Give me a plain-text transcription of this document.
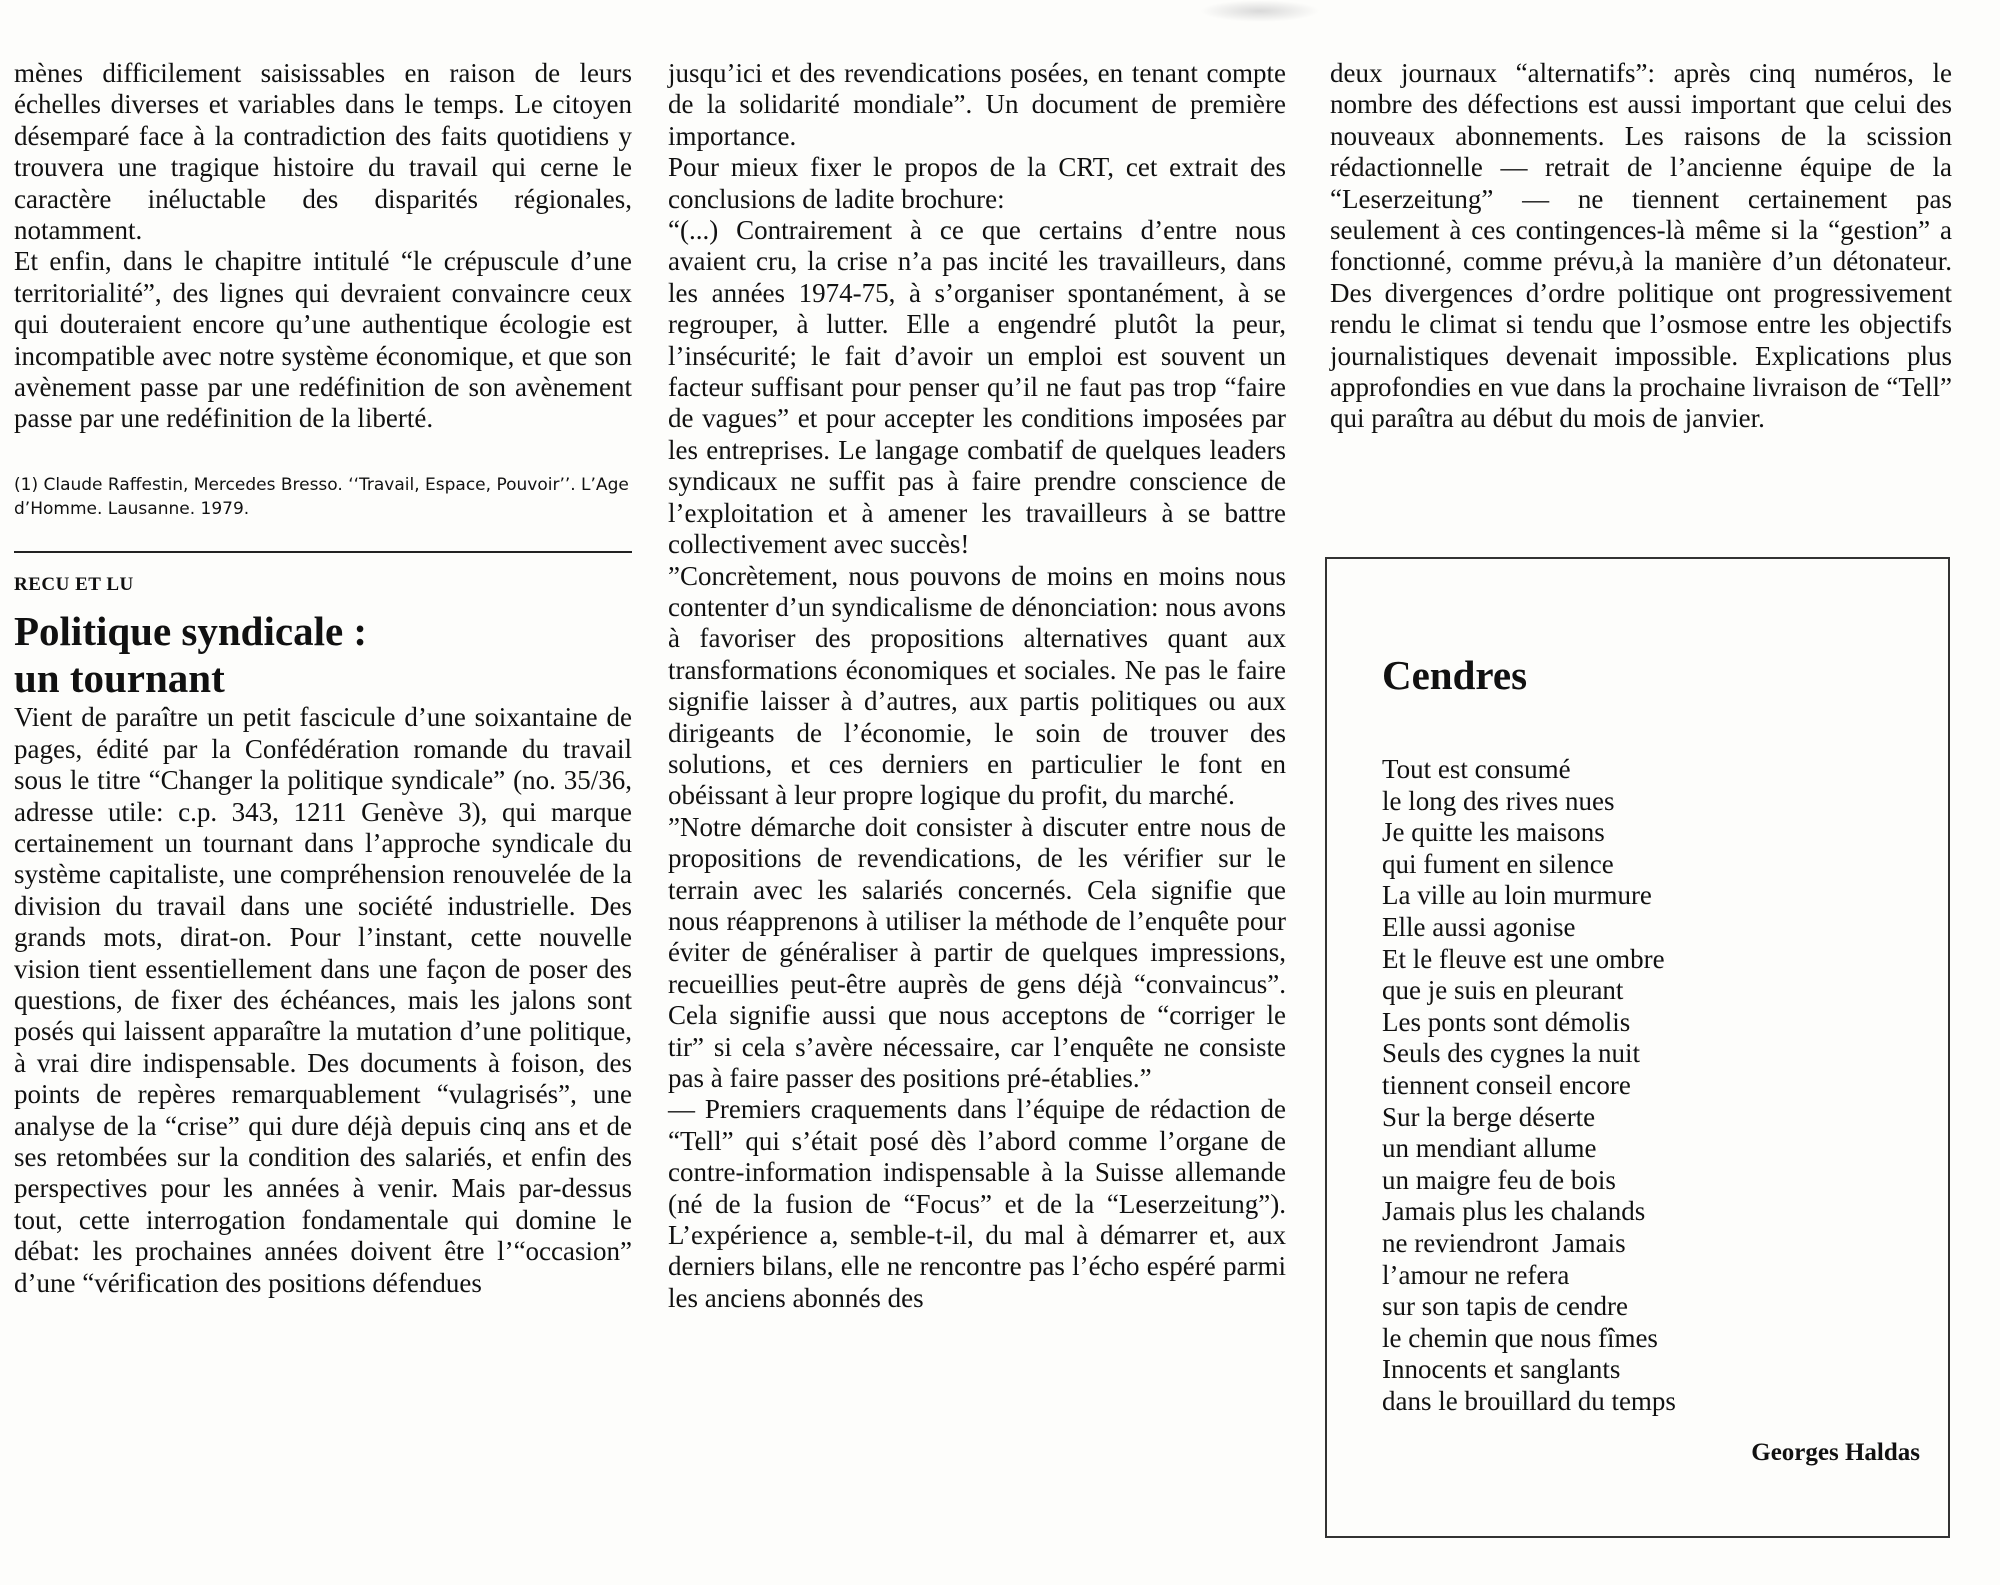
mènes difficilement saisissables en raison de leurs échelles diverses et variables dans le temps. Le citoyen désemparé face à la contradiction des faits quotidiens y trouvera une tragique histoire du travail qui cerne le caractère inéluctable des disparités régionales, notamment.

Et enfin, dans le chapitre intitulé “le crépuscule d’une territorialité”, des lignes qui devraient convaincre ceux qui douteraient encore qu’une authentique écologie est incompatible avec notre système économique, et que son avènement passe par une redéfinition de son avènement passe par une redéfinition de la liberté.

(1) Claude Raffestin, Mercedes Bresso. ‘‘Travail, Espace, Pouvoir’’. L’Age d’Homme. Lausanne. 1979.

RECU ET LU
Politique syndicale :
un tournant

Vient de paraître un petit fascicule d’une soixantaine de pages, édité par la Confédération romande du travail sous le titre “Changer la politique syndicale” (no. 35/36, adresse utile: c.p. 343, 1211 Genève 3), qui marque certainement un tournant dans l’approche syndicale du système capitaliste, une compréhension renouvelée de la division du travail dans une société industrielle. Des grands mots, dirat-on. Pour l’instant, cette nouvelle vision tient essentiellement dans une façon de poser des questions, de fixer des échéances, mais les jalons sont posés qui laissent apparaître la mutation d’une politique, à vrai dire indispensable. Des documents à foison, des points de repères remarquablement “vulagrisés”, une analyse de la “crise” qui dure déjà depuis cinq ans et de ses retombées sur la condition des salariés, et enfin des perspectives pour les années à venir. Mais par-dessus tout, cette interrogation fondamentale qui domine le débat: les prochaines années doivent être l’“occasion” d’une “vérification des positions défendues

jusqu’ici et des revendications posées, en tenant compte de la solidarité mondiale”. Un document de première importance.

Pour mieux fixer le propos de la CRT, cet extrait des conclusions de ladite brochure:

“(...) Contrairement à ce que certains d’entre nous avaient cru, la crise n’a pas incité les travailleurs, dans les années 1974-75, à s’organiser spontanément, à se regrouper, à lutter. Elle a engendré plutôt la peur, l’insécurité; le fait d’avoir un emploi est souvent un facteur suffisant pour penser qu’il ne faut pas trop “faire de vagues” et pour accepter les conditions imposées par les entreprises. Le langage combatif de quelques leaders syndicaux ne suffit pas à faire prendre conscience de l’exploitation et à amener les travailleurs à se battre collectivement avec succès!

”Concrètement, nous pouvons de moins en moins nous contenter d’un syndicalisme de dénonciation: nous avons à favoriser des propositions alternatives quant aux transformations économiques et sociales. Ne pas le faire signifie laisser à d’autres, aux partis politiques ou aux dirigeants de l’économie, le soin de trouver des solutions, et ces derniers en particulier le font en obéissant à leur propre logique du profit, du marché.

”Notre démarche doit consister à discuter entre nous de propositions de revendications, de les vérifier sur le terrain avec les salariés concernés. Cela signifie que nous réapprenons à utiliser la méthode de l’enquête pour éviter de généraliser à partir de quelques impressions, recueillies peut-être auprès de gens déjà “convaincus”. Cela signifie aussi que nous acceptons de “corriger le tir” si cela s’avère nécessaire, car l’enquête ne consiste pas à faire passer des positions pré-établies.”

— Premiers craquements dans l’équipe de rédaction de “Tell” qui s’était posé dès l’abord comme l’organe de contre-information indispensable à la Suisse allemande (né de la fusion de “Focus” et de la “Leserzeitung”). L’expérience a, semble-t-il, du mal à démarrer et, aux derniers bilans, elle ne rencontre pas l’écho espéré parmi les anciens abonnés des

deux journaux “alternatifs”: après cinq numéros, le nombre des défections est aussi important que celui des nouveaux abonnements. Les raisons de la scission rédactionnelle — retrait de l’ancienne équipe de la “Leserzeitung” — ne tiennent certainement pas seulement à ces contingences-là même si la “gestion” a fonctionné, comme prévu,à la manière d’un détonateur. Des divergences d’ordre politique ont progressivement rendu le climat si tendu que l’osmose entre les objectifs journalistiques devenait impossible. Explications plus approfondies en vue dans la prochaine livraison de “Tell” qui paraîtra au début du mois de janvier.

Cendres
Tout est consumé
le long des rives nues
Je quitte les maisons
qui fument en silence
La ville au loin murmure
Elle aussi agonise
Et le fleuve est une ombre
que je suis en pleurant
Les ponts sont démolis
Seuls des cygnes la nuit
tiennent conseil encore
Sur la berge déserte
un mendiant allume
un maigre feu de bois
Jamais plus les chalands
ne reviendront  Jamais
l’amour ne refera
sur son tapis de cendre
le chemin que nous fîmes
Innocents et sanglants
dans le brouillard du temps
Georges Haldas
